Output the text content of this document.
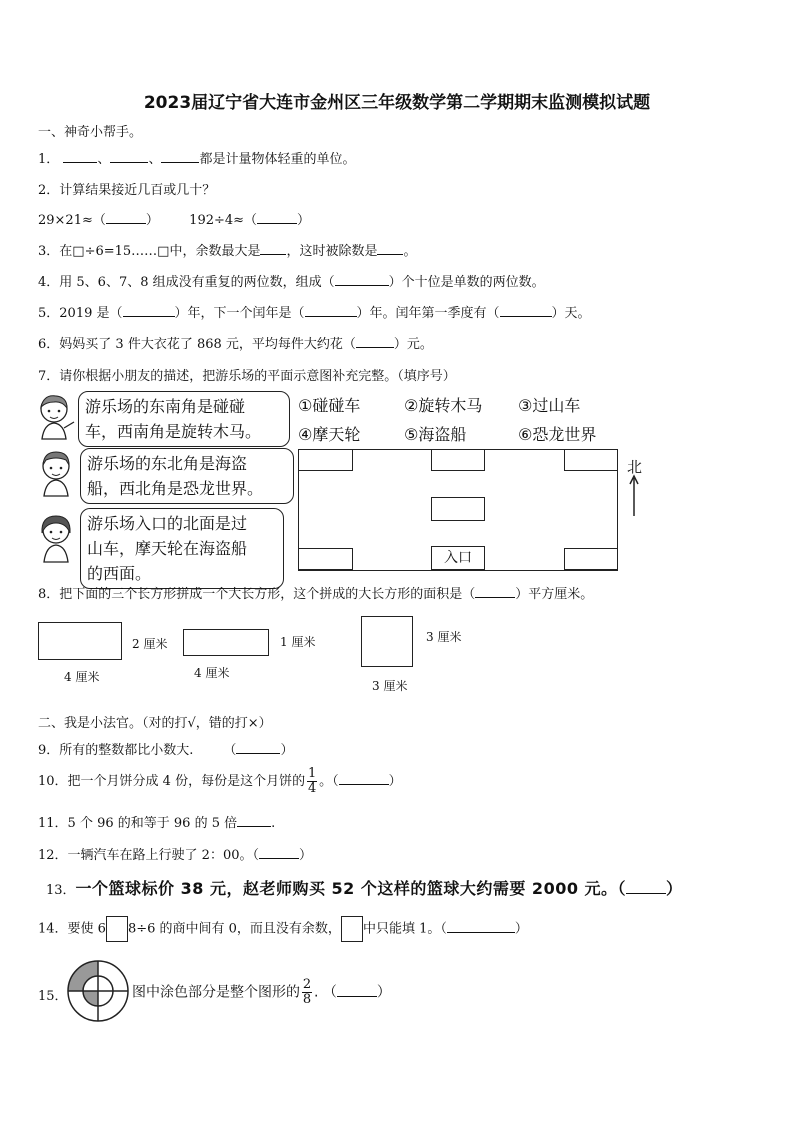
2023届辽宁省大连市金州区三年级数学第二学期期末监测模拟试题
一、神奇小帮手。
1．	、	、	都是计量物体轻重的单位。
2．计算结果接近几百或几十？
29×21≈（	） 192÷4≈（	）
3．在□÷6=15……□中，余数最大是 ，这时被除数是 。
4．用 5、6、7、8 组成没有重复的两位数，组成（	）个十位是单数的两位数。
5．2019 是（	）年，下一个闰年是（	）年。闰年第一季度有（	）天。
6．妈妈买了 3 件大衣花了 868 元，平均每件大约花（	）元。
7．请你根据小朋友的描述，把游乐场的平面示意图补充完整。（填序号）
游乐场的东南角是碰碰
车，西南角是旋转木马。
游乐场的东北角是海盗
船，西北角是恐龙世界。
游乐场入口的北面是过
山车，摩天轮在海盗船
的西面。
①碰碰车	②旋转木马 ③过山车
④摩天轮	⑤海盗船	⑥恐龙世界
入口
北
8．把下面的三个长方形拼成一个大长方形，这个拼成的大长方形的面积是（	）平方厘米。
2 厘米
4 厘米
1 厘米
4 厘米
3 厘米
3 厘米
二、我是小法官。（对的打√，错的打×）
9．所有的整数都比小数大. （	）
10．把一个月饼分成 4 份，每份是这个月饼的 $\frac{1}{4}$ 。（	）
11．5 个 96 的和等于 96 的 5 倍	.
12．一辆汽车在路上行驶了 2：00。（	）
13．一个篮球标价 38 元，赵老师购买 52 个这样的篮球大约需要 2000 元。（	）
14．要使 6 8÷6 的商中间有 0，而且没有余数， 中只能填 1。（	）
15．	图中涂色部分是整个图形的 $\frac{2}{8}$ . （	）
